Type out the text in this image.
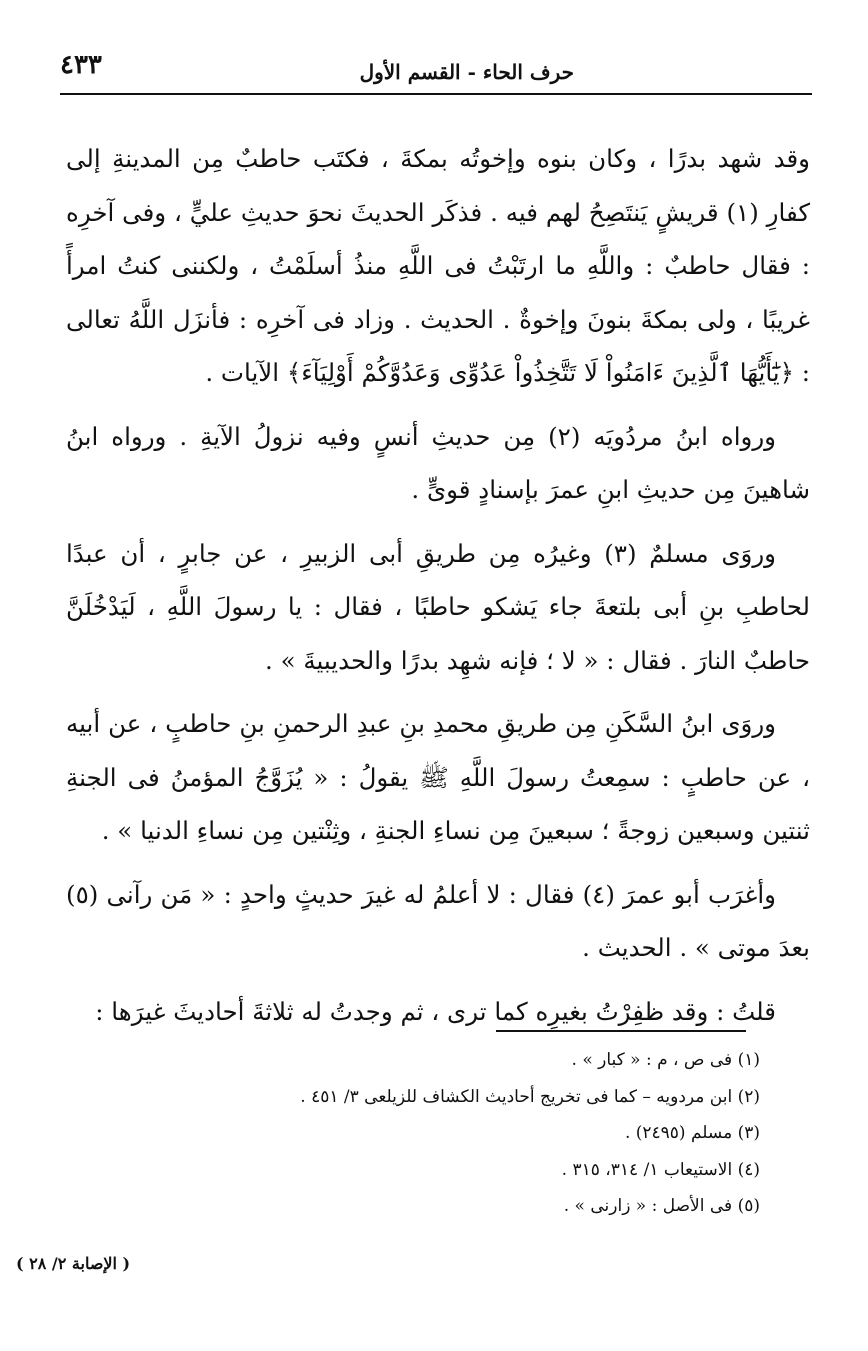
٤٣٣	حرف الحاء - القسم الأول

وقد شهد بدرًا ، وكان بنوه وإخوتُه بمكةَ ، فكتَب حاطبٌ مِن المدينةِ إلى كفارِ (١) قريشٍ يَنتَصِحُ لهم فيه . فذكَر الحديثَ نحوَ حديثِ عليٍّ ، وفى آخرِه : فقال حاطبٌ : واللَّهِ ما ارتَبْتُ فى اللَّهِ منذُ أسلَمْتُ ، ولكننى كنتُ امرأً غريبًا ، ولى بمكةَ بنونَ وإخوةٌ . الحديث . وزاد فى آخرِه : فأنزَل اللَّهُ تعالى : ﴿يَٰٓأَيُّهَا ٱلَّذِينَ ءَامَنُواْ لَا تَتَّخِذُواْ عَدُوِّى وَعَدُوَّكُمْ أَوْلِيَآءَ﴾ الآيات .

ورواه ابنُ مردُويَه (٢) مِن حديثِ أنسٍ وفيه نزولُ الآيةِ . ورواه ابنُ شاهينَ مِن حديثِ ابنِ عمرَ بإسنادٍ قوىٍّ .

وروَى مسلمٌ (٣) وغيرُه مِن طريقِ أبى الزبيرِ ، عن جابرٍ ، أن عبدًا لحاطبِ بنِ أبى بلتعةَ جاء يَشكو حاطبًا ، فقال : يا رسولَ اللَّهِ ، لَيَدْخُلَنَّ حاطبٌ النارَ . فقال : « لا ؛ فإنه شهِد بدرًا والحديبيةَ » .

وروَى ابنُ السَّكَنِ مِن طريقِ محمدِ بنِ عبدِ الرحمنِ بنِ حاطبٍ ، عن أبيه ، عن حاطبٍ : سمِعتُ رسولَ اللَّهِ ﷺ يقولُ : « يُزَوَّجُ المؤمنُ فى الجنةِ ثنتين وسبعين زوجةً ؛ سبعينَ مِن نساءِ الجنةِ ، وثِنْتين مِن نساءِ الدنيا » .

وأغرَب أبو عمرَ (٤) فقال : لا أعلمُ له غيرَ حديثٍ واحدٍ : « مَن رآنى (٥) بعدَ موتى » . الحديث .

قلتُ : وقد ظفِرْتُ بغيرِه كما ترى ، ثم وجدتُ له ثلاثةَ أحاديثَ غيرَها :

(١) فى ص ، م : « كبار » .
(٢) ابن مردويه – كما فى تخريج أحاديث الكشاف للزيلعى ٣/ ٤٥١ .
(٣) مسلم (٢٤٩٥) .
(٤) الاستيعاب ١/ ٣١٤، ٣١٥ .
(٥) فى الأصل : « زارنى » .
( الإصابة ٢/ ٢٨ )
